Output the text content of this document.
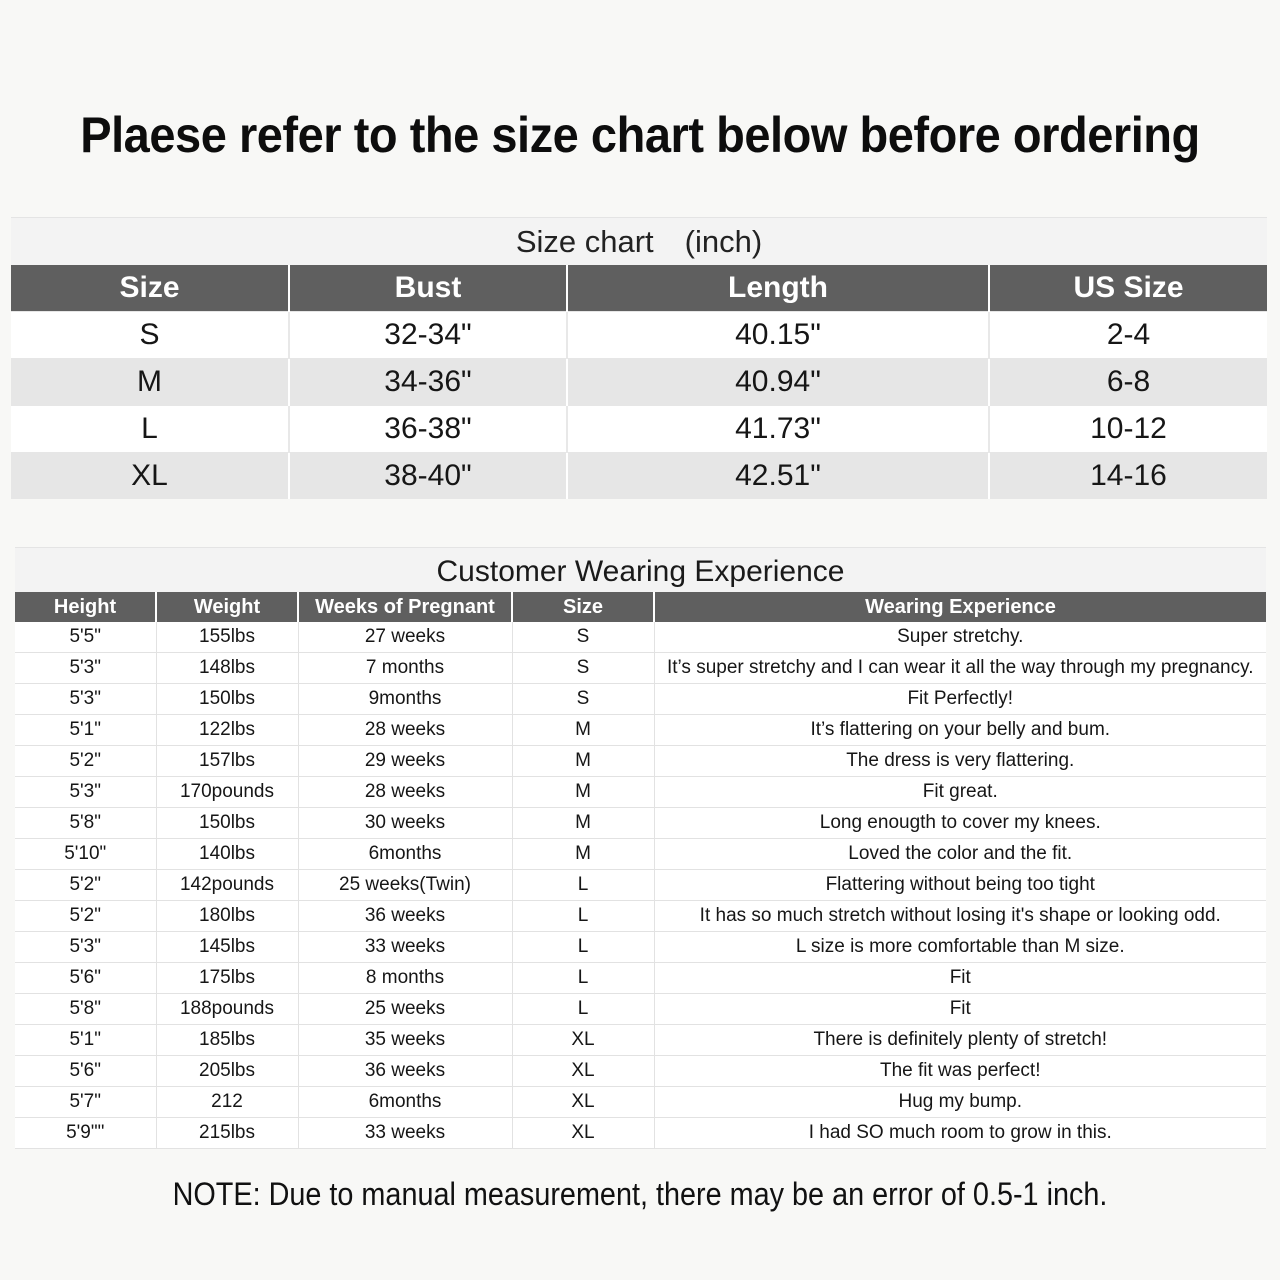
Plaese refer to the size chart below before ordering
Size chart　(inch)
Size	Bust	Length	US Size
S	32-34"	40.15"	2-4
M	34-36"	40.94"	6-8
L	36-38"	41.73"	10-12
XL	38-40"	42.51"	14-16
Customer Wearing Experience
Height	Weight	Weeks of Pregnant	Size	Wearing Experience
5'5"	155lbs	27 weeks	S	Super stretchy.
5'3"	148lbs	7 months	S	It’s super stretchy and I can wear it all the way through my pregnancy.
5'3"	150lbs	9months	S	Fit Perfectly!
5'1"	122lbs	28 weeks	M	It’s flattering on your belly and bum.
5'2"	157lbs	29 weeks	M	The dress is very flattering.
5'3"	170pounds	28 weeks	M	Fit great.
5'8"	150lbs	30 weeks	M	Long enougth to cover my knees.
5'10"	140lbs	6months	M	Loved the color and the fit.
5'2"	142pounds	25 weeks(Twin)	L	Flattering without being too tight
5'2"	180lbs	36 weeks	L	It has so much stretch without losing it's shape or looking odd.
5'3"	145lbs	33 weeks	L	L size is more comfortable than M size.
5'6"	175lbs	8 months	L	Fit
5'8"	188pounds	25 weeks	L	Fit
5'1"	185lbs	35 weeks	XL	There is definitely plenty of stretch!
5'6"	205lbs	36 weeks	XL	The fit was perfect!
5'7"	212	6months	XL	Hug my bump.
5'9""	215lbs	33 weeks	XL	I had SO much room to grow in this.
NOTE: Due to manual measurement, there may be an error of 0.5-1 inch.
